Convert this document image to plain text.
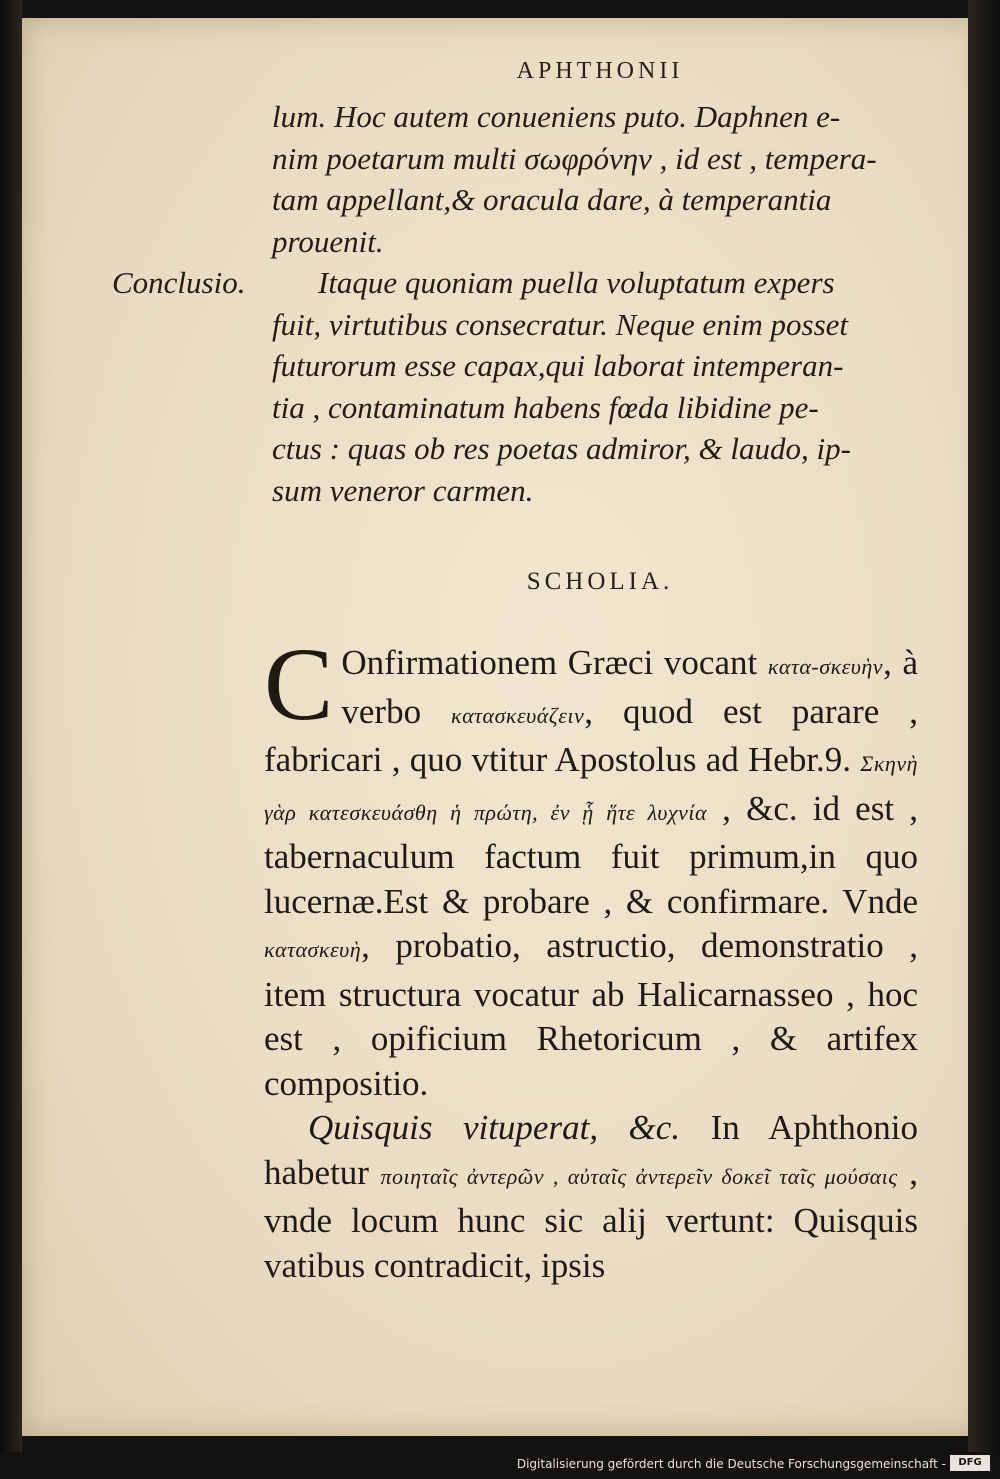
APHTHONII

lum. Hoc autem conueniens puto. Daphnen e-

nim poetarum multi σωφρόνην , id est , tempera-

tam appellant,& oracula dare, à temperantia

prouenit.

Conclusio.	Itaque quoniam puella voluptatum expers

fuit, virtutibus consecratur. Neque enim posset

futurorum esse capax,qui laborat intemperan-

tia , contaminatum habens fœda libidine pe-

ctus : quas ob res poetas admiror, & laudo, ip-

sum veneror carmen.

SCHOLIA.

C Onfirmationem Græci vocant κατα-σκευὴν, à verbo κατασκευάζειν, quod est parare , fabricari , quo vtitur Apostolus ad Hebr.9. Σκηνὴ γὰρ κατεσκευάσθη ἡ πρώτη, ἐν ᾗ ἥτε λυχνία , &c. id est , tabernaculum factum fuit primum,in quo lucernæ.Est & probare , & confirmare. Vnde κατασκευὴ, probatio, astructio, demonstratio , item structura vocatur ab Halicarnasseo , hoc est , opificium Rhetoricum , & artifex compositio.

Quisquis vituperat, &c. In Aphthonio habetur ποιηταῖς ἀντερῶν , αὐταῖς ἀντερεῖν δοκεῖ ταῖς μούσαις , vnde locum hunc sic alij vertunt: Quisquis vatibus contradicit, ipsis

Digitalisierung gefördert durch die Deutsche Forschungsgemeinschaft -	DFG
